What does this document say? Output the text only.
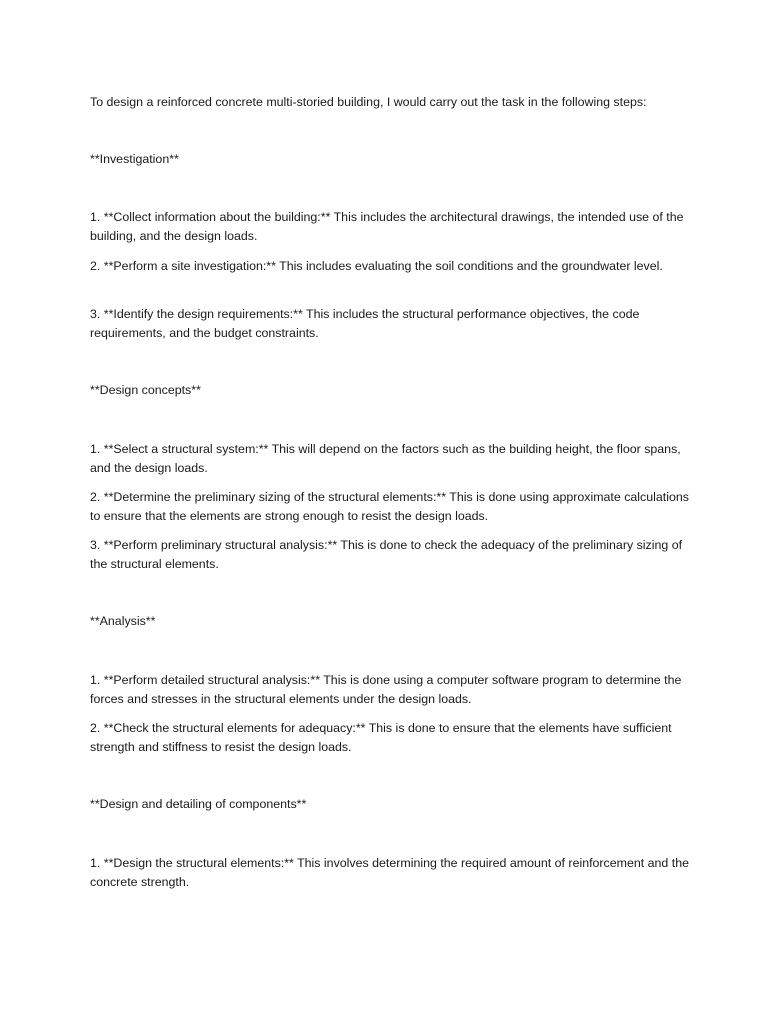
To design a reinforced concrete multi-storied building, I would carry out the task in the following steps:
**Investigation**
1. **Collect information about the building:** This includes the architectural drawings, the intended use of the building, and the design loads.
2. **Perform a site investigation:** This includes evaluating the soil conditions and the groundwater level.
3. **Identify the design requirements:** This includes the structural performance objectives, the code requirements, and the budget constraints.
**Design concepts**
1. **Select a structural system:** This will depend on the factors such as the building height, the floor spans, and the design loads.
2. **Determine the preliminary sizing of the structural elements:** This is done using approximate calculations to ensure that the elements are strong enough to resist the design loads.
3. **Perform preliminary structural analysis:** This is done to check the adequacy of the preliminary sizing of the structural elements.
**Analysis**
1. **Perform detailed structural analysis:** This is done using a computer software program to determine the forces and stresses in the structural elements under the design loads.
2. **Check the structural elements for adequacy:** This is done to ensure that the elements have sufficient strength and stiffness to resist the design loads.
**Design and detailing of components**
1. **Design the structural elements:** This involves determining the required amount of reinforcement and the concrete strength.
